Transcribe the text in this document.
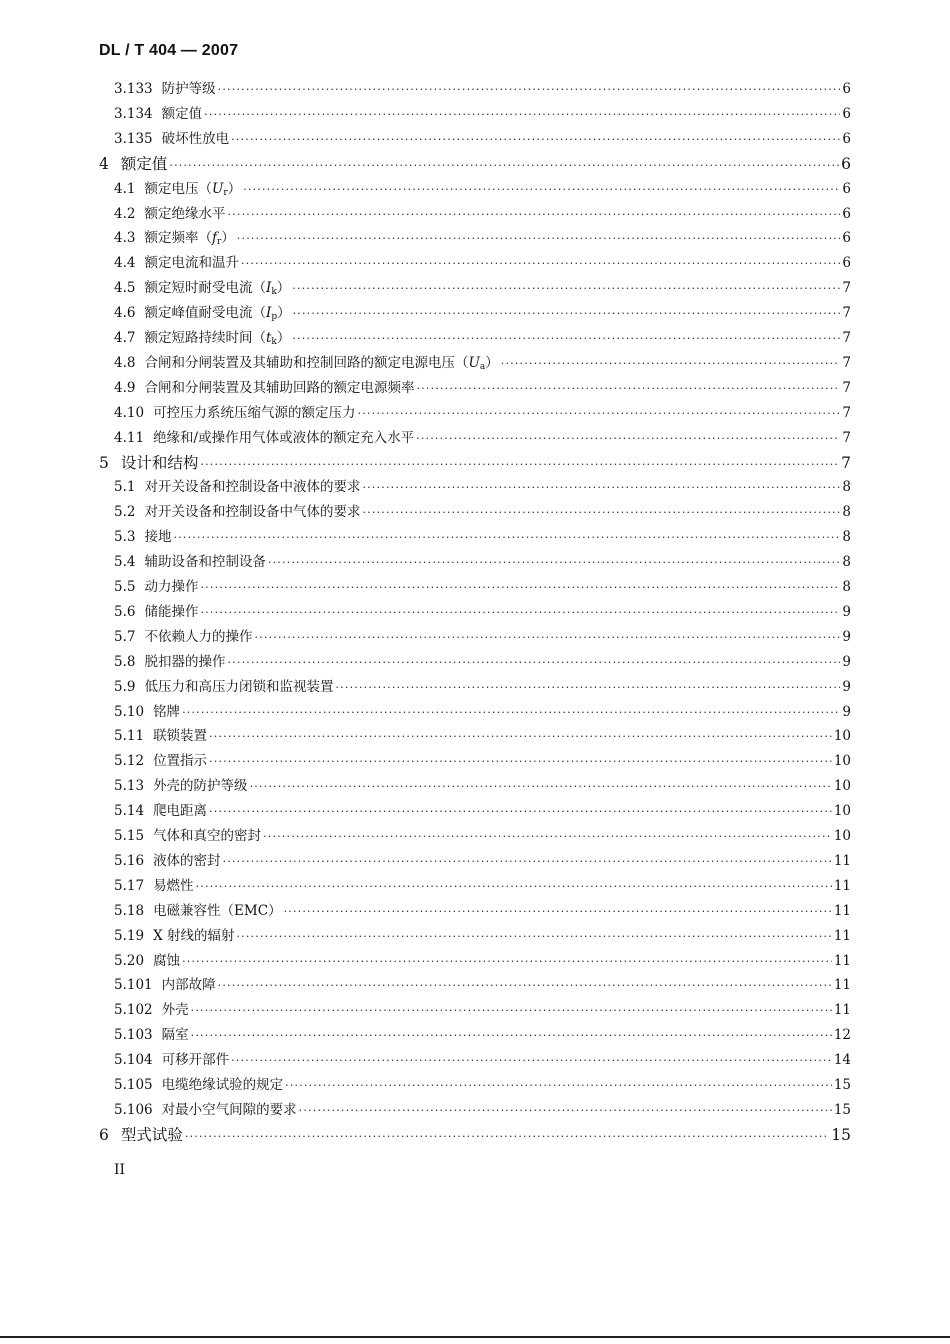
DL / T 404 — 2007
3.133 防护等级 ·····	6
3.134 额定值 ·····	6
3.135 破坏性放电 ·····	6
4 额定值 ·····	6
4.1 额定电压$(U_r)$ ·····	6
4.2 额定绝缘水平 ·····	6
4.3 额定频率$(f_r)$ ·····	6
4.4 额定电流和温升 ·····	6
4.5 额定短时耐受电流$(I_k)$ ·····	7
4.6 额定峰值耐受电流$(I_p)$ ·····	7
4.7 额定短路持续时间$(t_k)$ ·····	7
4.8 合闸和分闸装置及其辅助和控制回路的额定电源电压$(U_a)$ ·····	7
4.9 合闸和分闸装置及其辅助回路的额定电源频率 ·····	7
4.10 可控压力系统压缩气源的额定压力 ·····	7
4.11 绝缘和/或操作用气体或液体的额定充入水平 ·····	7
5 设计和结构 ·····	7
5.1 对开关设备和控制设备中液体的要求 ·····	8
5.2 对开关设备和控制设备中气体的要求 ·····	8
5.3 接地 ·····	8
5.4 辅助设备和控制设备 ·····	8
5.5 动力操作 ·····	8
5.6 储能操作 ·····	9
5.7 不依赖人力的操作 ·····	9
5.8 脱扣器的操作 ·····	9
5.9 低压力和高压力闭锁和监视装置 ·····	9
5.10 铭牌 ·····	9
5.11 联锁装置 ·····	10
5.12 位置指示 ·····	10
5.13 外壳的防护等级 ·····	10
5.14 爬电距离 ·····	10
5.15 气体和真空的密封 ·····	10
5.16 液体的密封 ·····	11
5.17 易燃性 ·····	11
5.18 电磁兼容性（EMC） ·····	11
5.19 X 射线的辐射 ·····	11
5.20 腐蚀 ·····	11
5.101 内部故障 ·····	11
5.102 外壳 ·····	11
5.103 隔室 ·····	12
5.104 可移开部件 ·····	14
5.105 电缆绝缘试验的规定 ·····	15
5.106 对最小空气间隙的要求 ·····	15
6 型式试验 ·····	15
II
